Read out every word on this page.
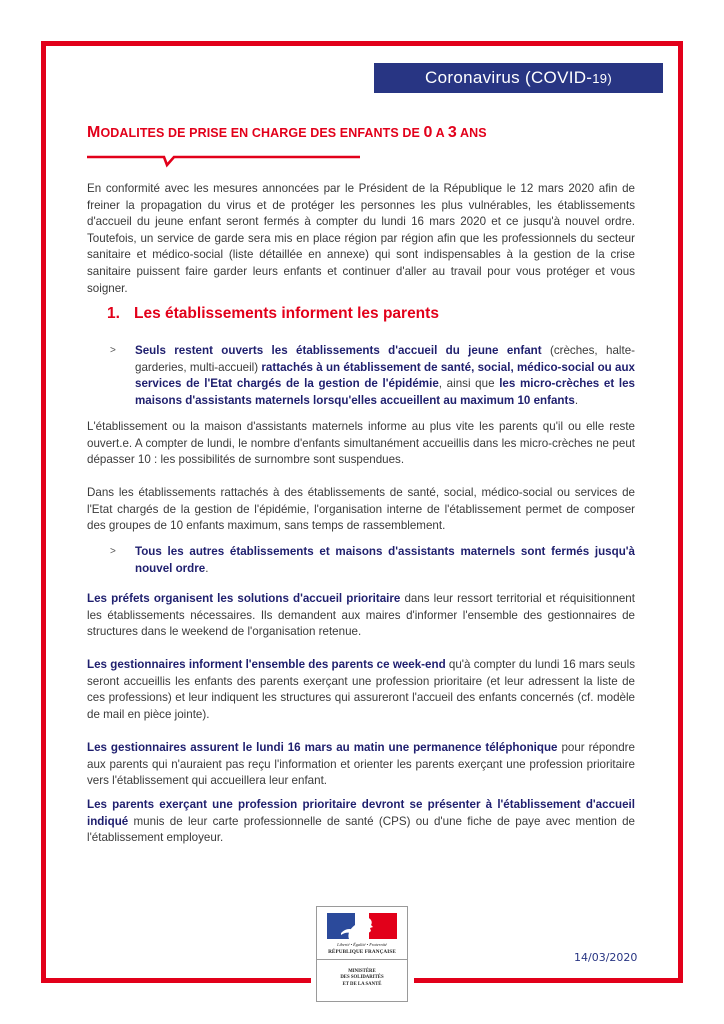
Coronavirus (COVID- 19)
MODALITES DE PRISE EN CHARGE DES ENFANTS DE 0 A 3 ANS
En conformité avec les mesures annoncées par le Président de la République le 12 mars 2020 afin de freiner la propagation du virus et de protéger les personnes les plus vulnérables, les établissements d'accueil du jeune enfant seront fermés à compter du lundi 16 mars 2020 et ce jusqu'à nouvel ordre. Toutefois, un service de garde sera mis en place région par région afin que les professionnels du secteur sanitaire et médico-social (liste détaillée en annexe) qui sont indispensables à la gestion de la crise sanitaire puissent faire garder leurs enfants et continuer d'aller au travail pour vous protéger et vous soigner.
1. Les établissements informent les parents
> Seuls restent ouverts les établissements d'accueil du jeune enfant (crèches, halte-garderies, multi-accueil) rattachés à un établissement de santé, social, médico-social ou aux services de l'Etat chargés de la gestion de l'épidémie, ainsi que les micro-crèches et les maisons d'assistants maternels lorsqu'elles accueillent au maximum 10 enfants.
L'établissement ou la maison d'assistants maternels informe au plus vite les parents qu'il ou elle reste ouvert.e. A compter de lundi, le nombre d'enfants simultanément accueillis dans les micro-crèches ne peut dépasser 10 : les possibilités de surnombre sont suspendues.
Dans les établissements rattachés à des établissements de santé, social, médico-social ou services de l'Etat chargés de la gestion de l'épidémie, l'organisation interne de l'établissement permet de composer des groupes de 10 enfants maximum, sans temps de rassemblement.
> Tous les autres établissements et maisons d'assistants maternels sont fermés jusqu'à nouvel ordre.
Les préfets organisent les solutions d'accueil prioritaire dans leur ressort territorial et réquisitionnent les établissements nécessaires. Ils demandent aux maires d'informer l'ensemble des gestionnaires de structures dans le weekend de l'organisation retenue.
Les gestionnaires informent l'ensemble des parents ce week-end qu'à compter du lundi 16 mars seuls seront accueillis les enfants des parents exerçant une profession prioritaire (et leur adressent la liste de ces professions) et leur indiquent les structures qui assureront l'accueil des enfants concernés (cf. modèle de mail en pièce jointe).
Les gestionnaires assurent le lundi 16 mars au matin une permanence téléphonique pour répondre aux parents qui n'auraient pas reçu l'information et orienter les parents exerçant une profession prioritaire vers l'établissement qui accueillera leur enfant.
Les parents exerçant une profession prioritaire devront se présenter à l'établissement d'accueil indiqué munis de leur carte professionnelle de santé (CPS) ou d'une fiche de paye avec mention de l'établissement employeur.
Liberté • Égalité • Fraternité
RÉPUBLIQUE FRANÇAISE
MINISTÈRE
DES SOLIDARITÉS
ET DE LA SANTÉ
14/03/2020
